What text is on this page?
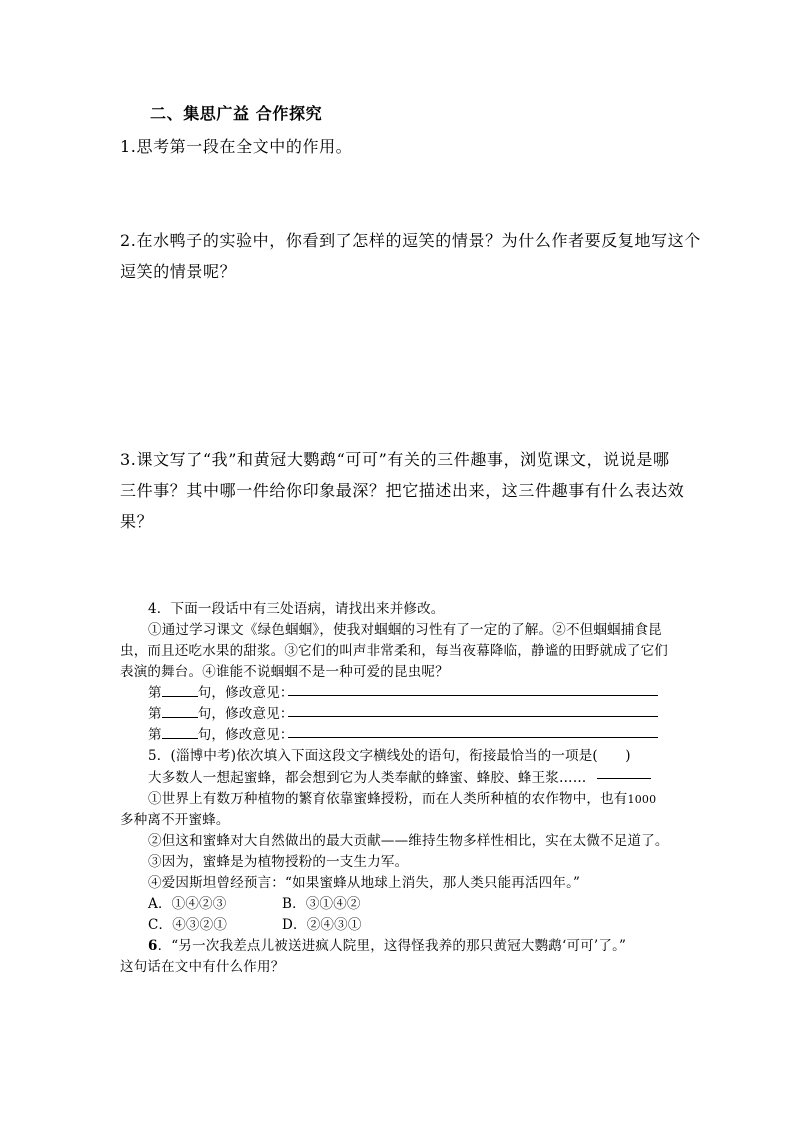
二、集思广益 合作探究
1.思考第一段在全文中的作用。
2.在水鸭子的实验中，你看到了怎样的逗笑的情景？为什么作者要反复地写这个
逗笑的情景呢？
3.课文写了“我”和黄冠大鹦鹉“可可”有关的三件趣事，浏览课文，说说是哪
三件事？其中哪一件给你印象最深？把它描述出来，这三件趣事有什么表达效
果？
4．下面一段话中有三处语病，请找出来并修改。
①通过学习课文《绿色蝈蝈》，使我对蝈蝈的习性有了一定的了解。②不但蝈蝈捕食昆
虫，而且还吃水果的甜浆。③它们的叫声非常柔和，每当夜幕降临，静谧的田野就成了它们
表演的舞台。④谁能不说蝈蝈不是一种可爱的昆虫呢？
第	句，修改意见：
第	句，修改意见：
第	句，修改意见：
5．(淄博中考)依次填入下面这段文字横线处的语句，衔接最恰当的一项是(　　)
大多数人一想起蜜蜂，都会想到它为人类奉献的蜂蜜、蜂胶、蜂王浆……
①世界上有数万种植物的繁育依靠蜜蜂授粉，而在人类所种植的农作物中，也有1000
多种离不开蜜蜂。
②但这和蜜蜂对大自然做出的最大贡献——维持生物多样性相比，实在太微不足道了。
③因为，蜜蜂是为植物授粉的一支生力军。
④爱因斯坦曾经预言：“如果蜜蜂从地球上消失，那人类只能再活四年。”
A．①④②③	B．③①④②
C．④③②①	D．②④③①
6．“另一次我差点儿被送进疯人院里，这得怪我养的那只黄冠大鹦鹉‘可可’了。”
这句话在文中有什么作用？
